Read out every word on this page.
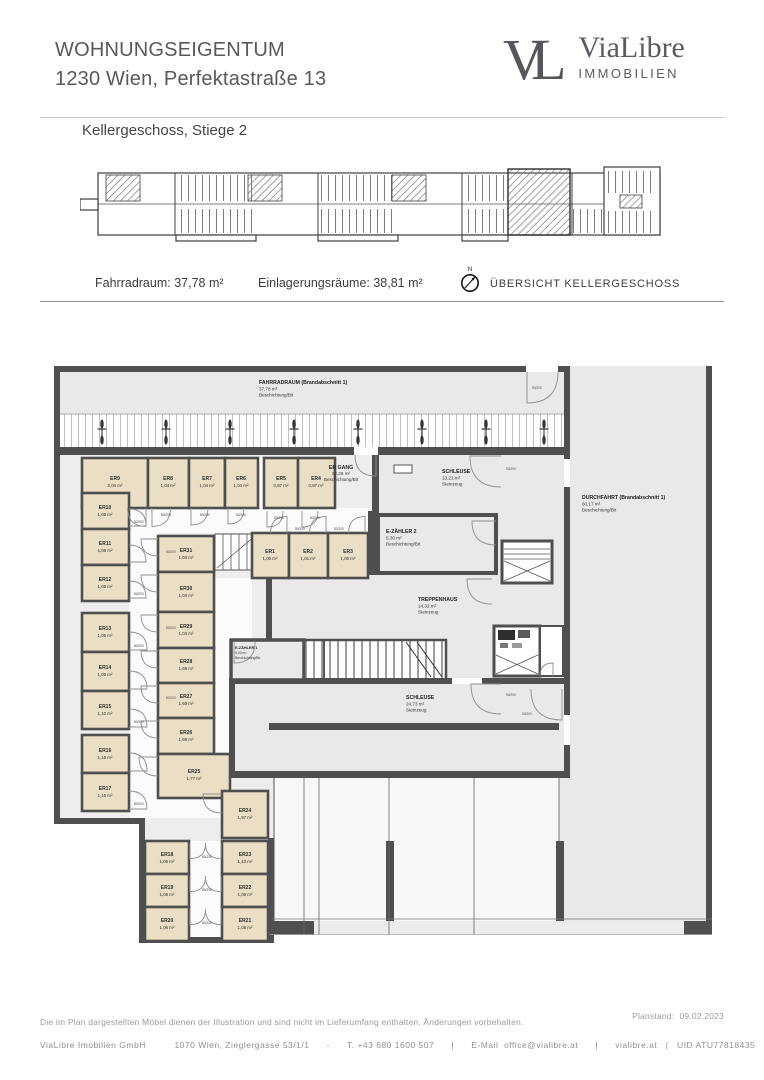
WOHNUNGSEIGENTUM
1230 Wien, Perfektastraße 13	VL ViaLibre
IMMOBILIEN
Kellergeschoss, Stiege 2
Fahrradraum: 37,78 m²	Einlagerungsräume: 38,81 m²
N
ÜBERSICHT KELLERGESCHOSS
ER9
2,04 m²
ER8
1,04 m²
ER7
1,04 m²
ER6
1,04 m²
ER5
0,97 m²
ER4
0,97 m²
ER10
1,08 m²
ER11
1,08 m²
ER12
1,08 m²
ER13
1,09 m²
ER14
1,09 m²
ER15
1,10 m²
ER16
1,18 m²
ER17
1,18 m²
ER31
1,04 m²
ER30
1,04 m²
ER29
1,04 m²
ER28
1,69 m²
ER27
1,69 m²
ER26
1,69 m²
ER25
1,77 m²
ER24
1,97 m²
ER1
1,00 m²
ER2
1,01 m²
ER3
1,00 m²
ER18
1,06 m²
ER23
1,13 m²
ER19
1,06 m²
ER22
1,08 m²
ER20
1,06 m²
ER21
1,08 m²
FAHRRADRAUM (Brandabschnitt 1)
37,78 m²
Beschichtung/Bit
DURCHFAHRT (Brandabschnitt 1)
60,17 m²
Beschichtung/Bit
SCHLEUSE
13,21 m²
Steinzeug
E-ZÄHLER 2
5,30 m²
Beschichtung/Bit
ER GANG
32,26 m²
Beschichtung/Bit
TREPPENHAUS
14,32 m²
Steinzeug
E-ZÄHLER 1
5,00 m²
Beschichtung/Bit
SCHLEUSE
24,73 m²
Steinzeug
80/200	80/200	80/200
80/200	80/200
80/200
80/200
80/200
80/200
80/200
80/200
80/200
80/200
80/200
80/200
80/200
80/200	80/200
90/200
90/200
90/200
90/200
Planstand:  09.02.2023
Die im Plan dargestellten Möbel dienen der Illustration und sind nicht im Lieferumfang enthalten. Änderungen vorbehalten.
ViaLibre Imobilien GmbH          1070 Wien, Zieglergasse 53/1/1      -      T. +43 680 1600 507      |      E-Mail  office@vialibre.at      |      vialibre.at   |   UID ATU77818435
